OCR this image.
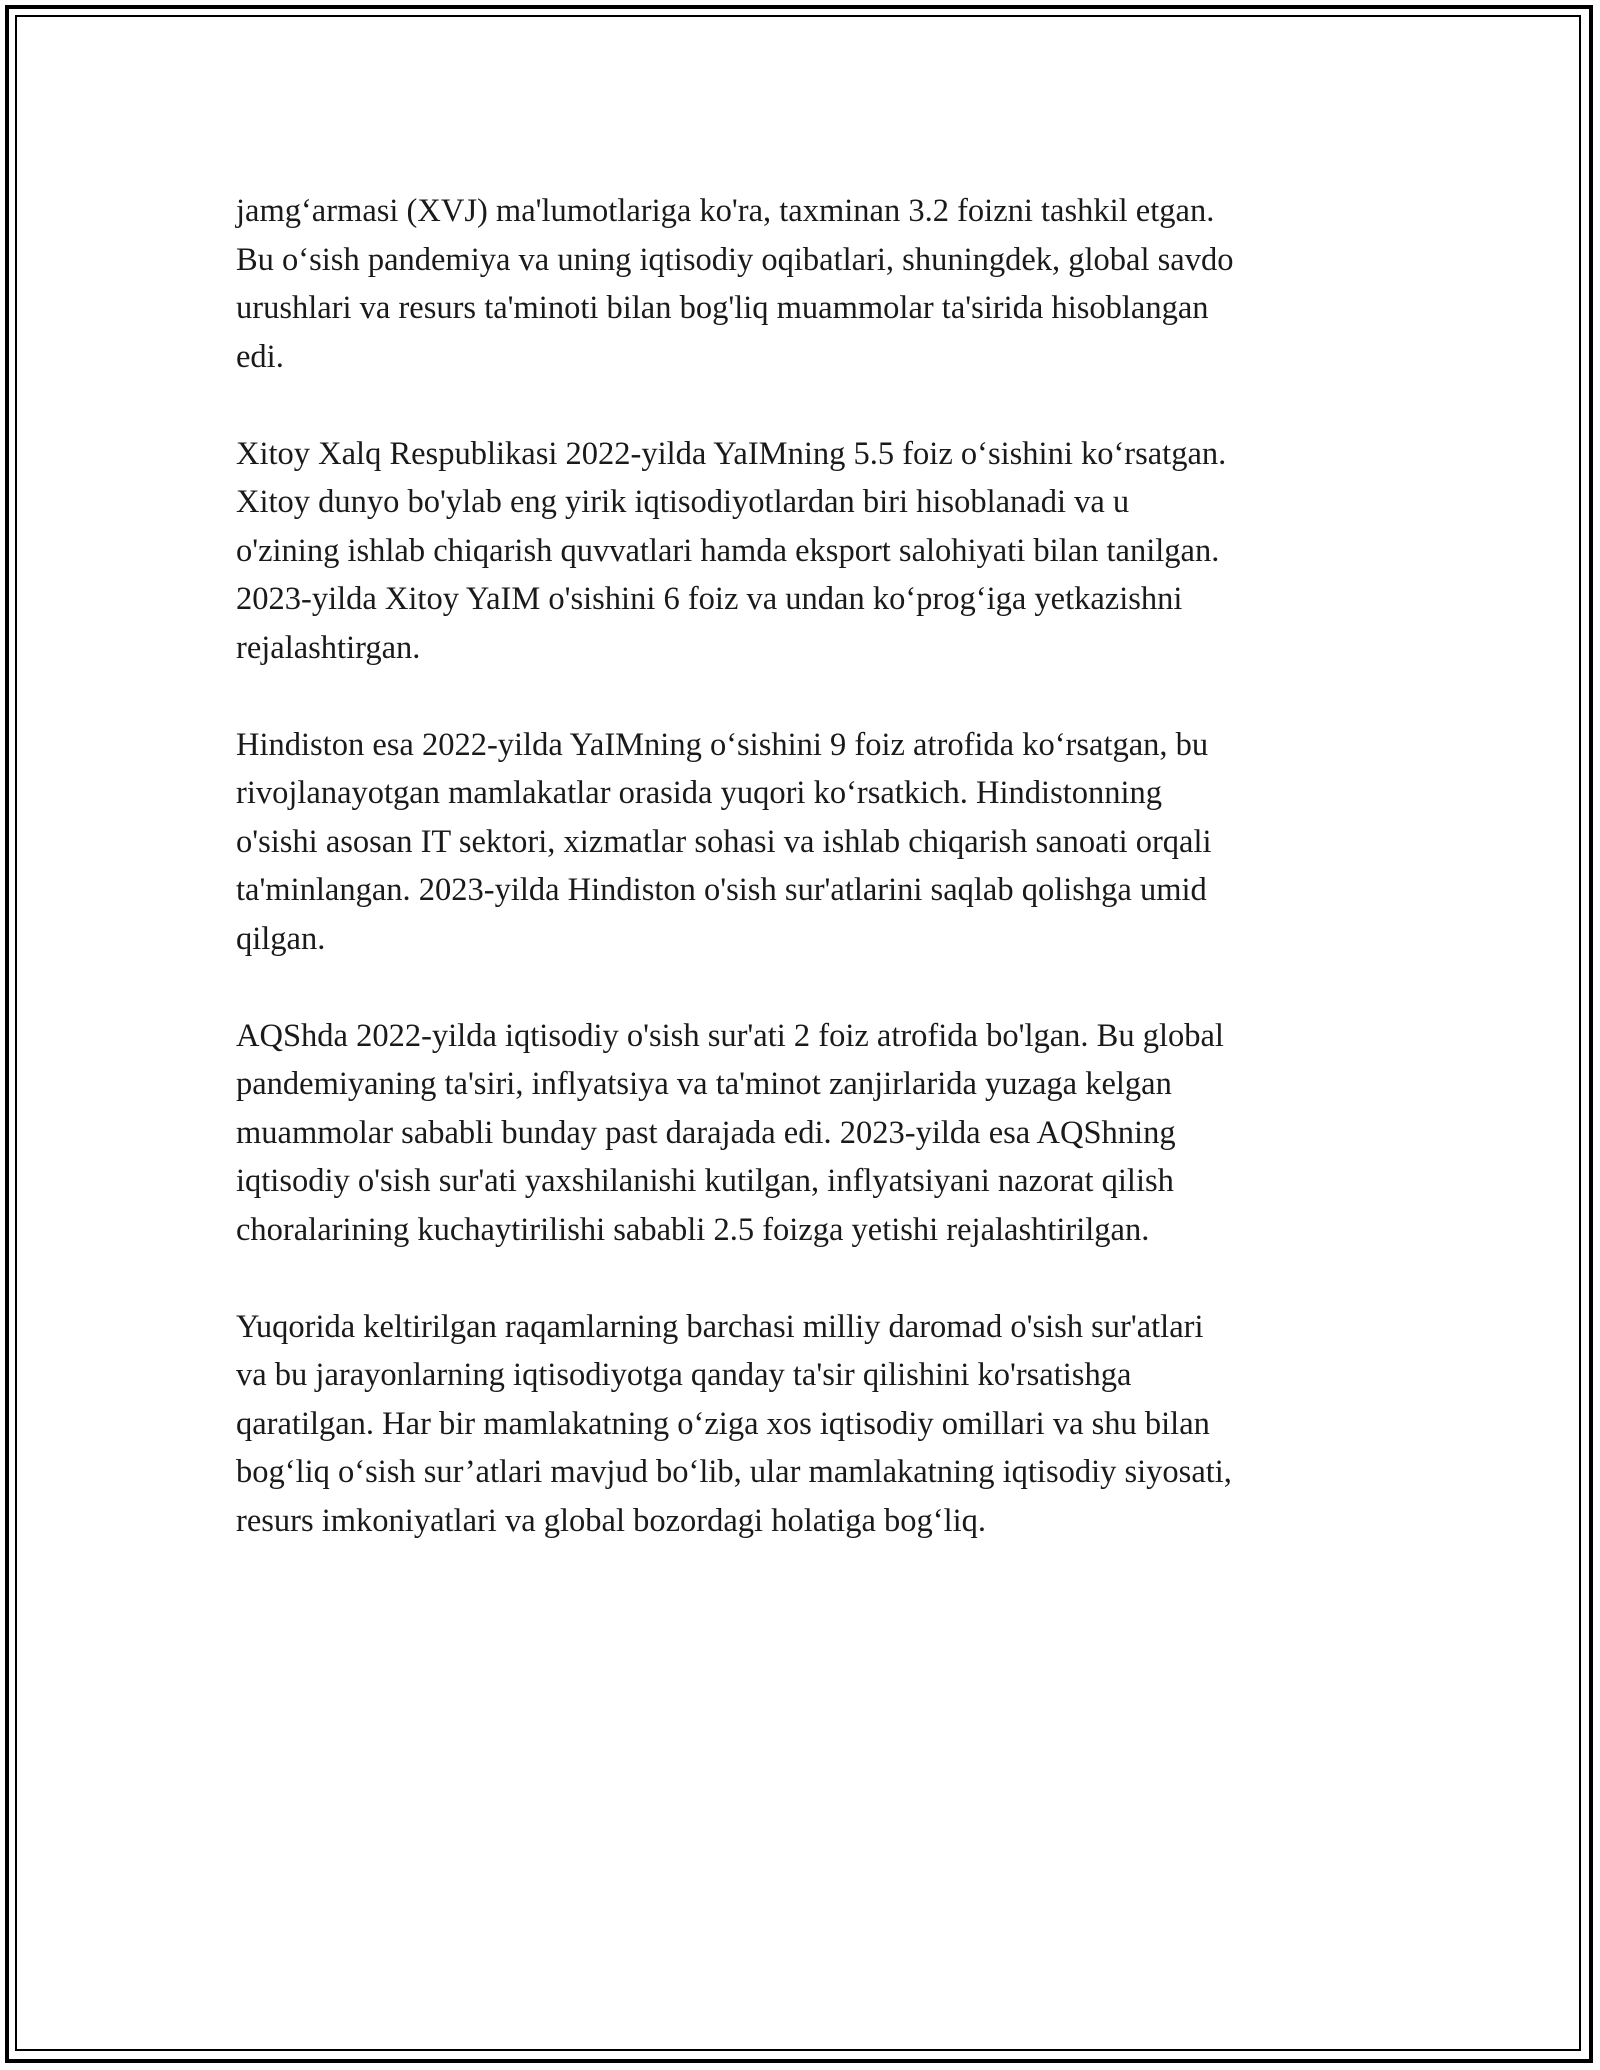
jamg‘armasi (XVJ) ma'lumotlariga ko'ra, taxminan 3.2 foizni tashkil etgan.
Bu o‘sish pandemiya va uning iqtisodiy oqibatlari, shuningdek, global savdo
urushlari va resurs ta'minoti bilan bog'liq muammolar ta'sirida hisoblangan
edi.

Xitoy Xalq Respublikasi 2022-yilda YaIMning 5.5 foiz o‘sishini ko‘rsatgan.
Xitoy dunyo bo'ylab eng yirik iqtisodiyotlardan biri hisoblanadi va u
o'zining ishlab chiqarish quvvatlari hamda eksport salohiyati bilan tanilgan.
2023-yilda Xitoy YaIM o'sishini 6 foiz va undan ko‘prog‘iga yetkazishni
rejalashtirgan.

Hindiston esa 2022-yilda YaIMning o‘sishini 9 foiz atrofida ko‘rsatgan, bu
rivojlanayotgan mamlakatlar orasida yuqori ko‘rsatkich. Hindistonning
o'sishi asosan IT sektori, xizmatlar sohasi va ishlab chiqarish sanoati orqali
ta'minlangan. 2023-yilda Hindiston o'sish sur'atlarini saqlab qolishga umid
qilgan.

AQShda 2022-yilda iqtisodiy o'sish sur'ati 2 foiz atrofida bo'lgan. Bu global
pandemiyaning ta'siri, inflyatsiya va ta'minot zanjirlarida yuzaga kelgan
muammolar sababli bunday past darajada edi. 2023-yilda esa AQShning
iqtisodiy o'sish sur'ati yaxshilanishi kutilgan, inflyatsiyani nazorat qilish
choralarining kuchaytirilishi sababli 2.5 foizga yetishi rejalashtirilgan.

Yuqorida keltirilgan raqamlarning barchasi milliy daromad o'sish sur'atlari
va bu jarayonlarning iqtisodiyotga qanday ta'sir qilishini ko'rsatishga
qaratilgan. Har bir mamlakatning o‘ziga xos iqtisodiy omillari va shu bilan
bog‘liq o‘sish sur’atlari mavjud bo‘lib, ular mamlakatning iqtisodiy siyosati,
resurs imkoniyatlari va global bozordagi holatiga bog‘liq.
